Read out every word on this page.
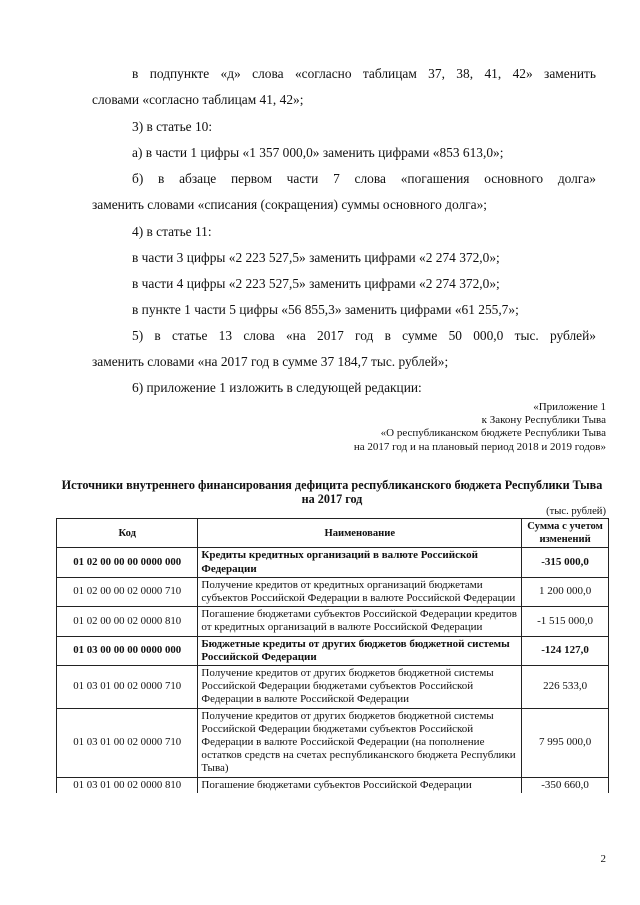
в подпункте «д» слова «согласно таблицам 37, 38, 41, 42» заменить
словами «согласно таблицам 41, 42»;
3) в статье 10:
а) в части 1 цифры «1 357 000,0» заменить цифрами «853 613,0»;
б) в абзаце первом части 7 слова «погашения основного долга»
заменить словами «списания (сокращения) суммы основного долга»;
4) в статье 11:
в части 3 цифры «2 223 527,5» заменить цифрами «2 274 372,0»;
в части 4 цифры «2 223 527,5» заменить цифрами «2 274 372,0»;
в пункте 1 части 5 цифры «56 855,3» заменить цифрами «61 255,7»;
5) в статье 13 слова «на 2017 год в сумме 50 000,0 тыс. рублей»
заменить словами «на 2017 год в сумме 37 184,7 тыс. рублей»;
6) приложение 1 изложить в следующей редакции:
«Приложение 1
к Закону Республики Тыва
«О республиканском бюджете Республики Тыва
на 2017 год и на плановый период 2018 и 2019 годов»
Источники внутреннего финансирования дефицита республиканского бюджета Республики Тыва на 2017 год
(тыс. рублей)
Код	Наименование	Сумма с учетом изменений
01 02 00 00 00 0000 000	Кредиты кредитных организаций в валюте Российской Федерации	-315 000,0
01 02 00 00 02 0000 710	Получение кредитов от кредитных организаций бюджетами субъектов Российской Федерации в валюте Российской Федерации	1 200 000,0
01 02 00 00 02 0000 810	Погашение бюджетами субъектов Российской Федерации кредитов от кредитных организаций в валюте Российской Федерации	-1 515 000,0
01 03 00 00 00 0000 000	Бюджетные кредиты от других бюджетов бюджетной системы Российской Федерации	-124 127,0
01 03 01 00 02 0000 710	Получение кредитов от других бюджетов бюджетной системы Российской Федерации бюджетами субъектов Российской Федерации в валюте Российской Федерации	226 533,0
01 03 01 00 02 0000 710	Получение кредитов от других бюджетов бюджетной системы Российской Федерации бюджетами субъектов Российской Федерации в валюте Российской Федерации (на пополнение остатков средств на счетах республиканского бюджета Республики Тыва)	7 995 000,0
01 03 01 00 02 0000 810	Погашение бюджетами субъектов Российской Федерации	-350 660,0
2
